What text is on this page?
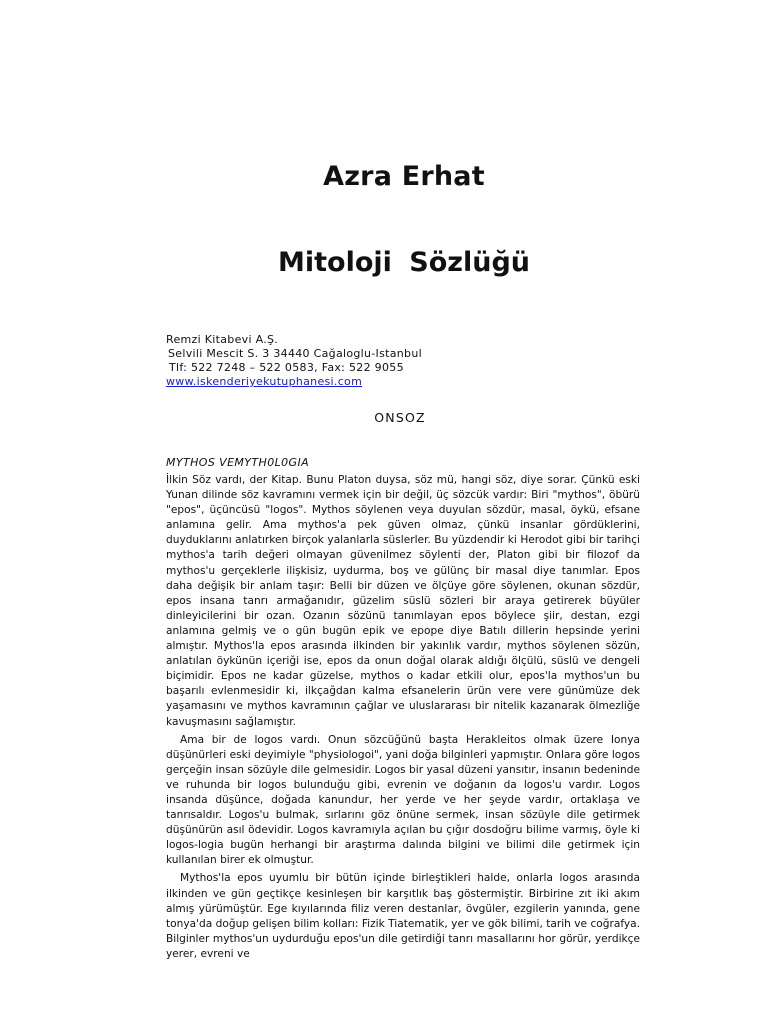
Azra Erhat
Mitoloji Sözlüğü
Remzi Kitabevi A.Ş.
Selvili Mescit S. 3 34440 Cağaloglu-Istanbul
Tlf: 522 7248 – 522 0583, Fax: 522 9055
www.iskenderiyekutuphanesi.com
ONSOZ
MYTHOS VEMYTH0L0GIA

İlkin Söz vardı, der Kitap. Bunu Platon duysa, söz mü, hangi söz, diye sorar. Çünkü eski Yunan dilinde söz kavramını vermek için bir değil, üç sözcük vardır: Biri "mythos", öbürü "epos", üçüncüsü "logos". Mythos söylenen veya duyulan sözdür, masal, öykü, efsane anlamına gelir. Ama mythos'a pek güven olmaz, çünkü insanlar gördüklerini, duyduklarını anlatırken birçok yalanlarla süslerler. Bu yüzdendir ki Herodot gibi bir tarihçi mythos'a tarih değeri olmayan güvenilmez söylenti der, Platon gibi bir filozof da mythos'u gerçeklerle ilişkisiz, uydurma, boş ve gülünç bir masal diye tanımlar. Epos daha değişik bir anlam taşır: Belli bir düzen ve ölçüye göre söylenen, okunan sözdür, epos insana tanrı armağanıdır, güzelim süslü sözleri bir araya getirerek büyüler dinleyicilerini bir ozan. Ozanın sözünü tanımlayan epos böylece şiir, destan, ezgi anlamına gelmiş ve o gün bugün epik ve epope diye Batılı dillerin hepsinde yerini almıştır. Mythos'la epos arasında ilkinden bir yakınlık vardır, mythos söylenen sözün, anlatılan öykünün içeriği ise, epos da onun doğal olarak aldığı ölçülü, süslü ve dengeli biçimidir. Epos ne kadar güzelse, mythos o kadar etkili olur, epos'la mythos'un bu başarılı evlenmesidir ki, ilkçağdan kalma efsanelerin ürün vere vere günümüze dek yaşamasını ve mythos kavramının çağlar ve uluslararası bir nitelik kazanarak ölmezliğe kavuşmasını sağlamıştır.

Ama bir de logos vardı. Onun sözcüğünü başta Herakleitos olmak üzere Ionya düşünürleri eski deyimiyle "physiologoi", yani doğa bilginleri yapmıştır. Onlara göre logos gerçeğin insan sözüyle dile gelmesidir. Logos bir yasal düzeni yansıtır, insanın bedeninde ve ruhunda bir logos bulunduğu gibi, evrenin ve doğanın da logos'u vardır. Logos insanda düşünce, doğada kanundur, her yerde ve her şeyde vardır, ortaklaşa ve tanrısaldır. Logos'u bulmak, sırlarını göz önüne sermek, insan sözüyle dile getirmek düşünürün asıl ödevidir. Logos kavramıyla açılan bu çığır dosdoğru bilime varmış, öyle ki logos-logia bugün herhangi bir araştırma dalında bilgini ve bilimi dile getirmek için kullanılan birer ek olmuştur.

Mythos'la epos uyumlu bir bütün içinde birleştikleri halde, onlarla logos arasında ilkinden ve gün geçtikçe kesinleşen bir karşıtlık baş göstermiştir. Birbirine zıt iki akım almış yürümüştür. Ege kıyılarında filiz veren destanlar, övgüler, ezgilerin yanında, gene tonya'da doğup gelişen bilim kolları: Fizik Tiatematik, yer ve gök bilimi, tarih ve coğrafya. Bilginler mythos'un uydurduğu epos'un dile getirdiği tanrı masallarını hor görür, yerdikçe yerer, evreni ve
